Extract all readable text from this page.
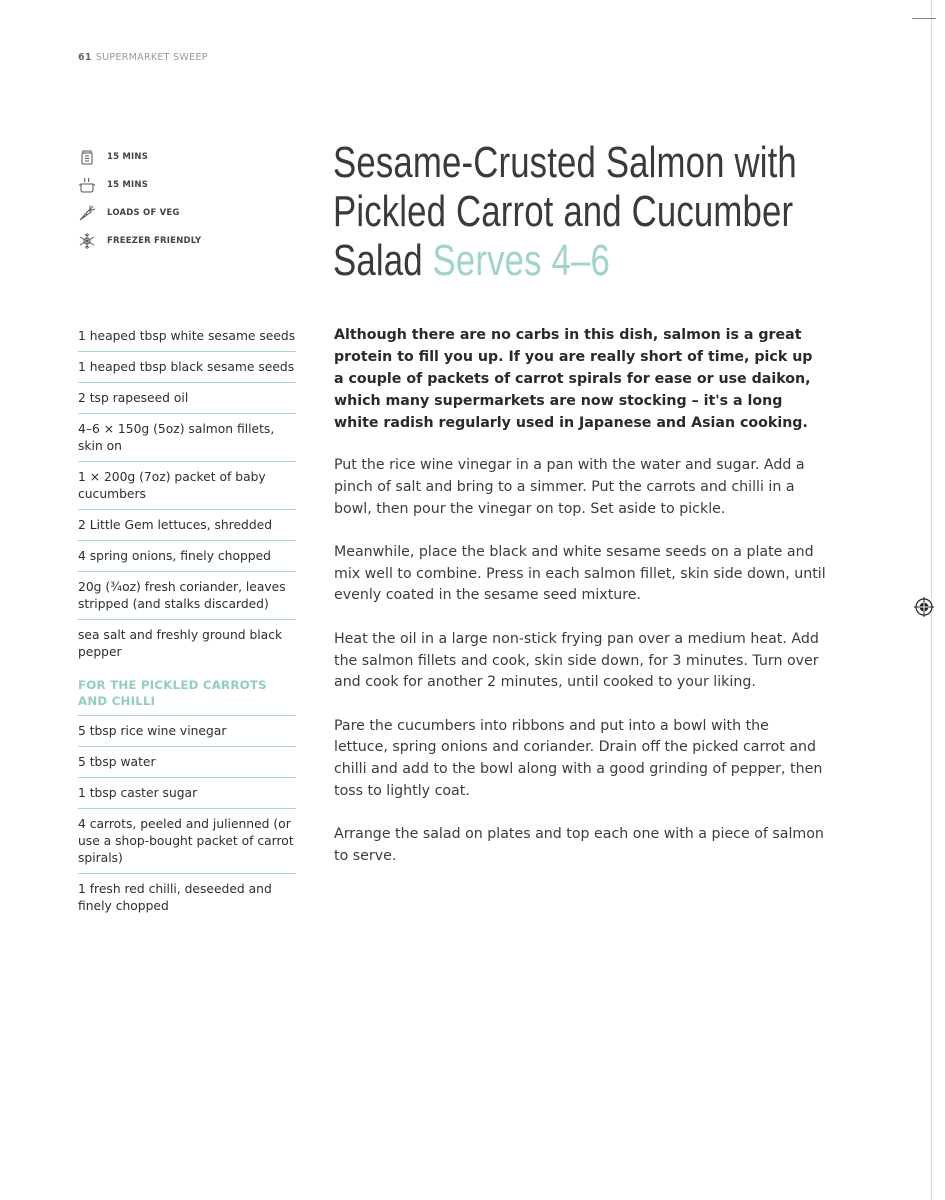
61 SUPERMARKET SWEEP
15 MINS
15 MINS
LOADS OF VEG
FREEZER FRIENDLY
1 heaped tbsp white sesame seeds
1 heaped tbsp black sesame seeds
2 tsp rapeseed oil
4–6 × 150g (5oz) salmon fillets, skin on
1 × 200g (7oz) packet of baby cucumbers
2 Little Gem lettuces, shredded
4 spring onions, finely chopped
20g (¾oz) fresh coriander, leaves stripped (and stalks discarded)
sea salt and freshly ground black pepper
FOR THE PICKLED CARROTS AND CHILLI
5 tbsp rice wine vinegar
5 tbsp water
1 tbsp caster sugar
4 carrots, peeled and julienned (or use a shop-bought packet of carrot spirals)
1 fresh red chilli, deseeded and finely chopped
Sesame-Crusted Salmon with
Pickled Carrot and Cucumber
Salad Serves 4–6
Although there are no carbs in this dish, salmon is a great protein to fill you up. If you are really short of time, pick up a couple of packets of carrot spirals for ease or use daikon, which many supermarkets are now stocking – it's a long white radish regularly used in Japanese and Asian cooking.

Put the rice wine vinegar in a pan with the water and sugar. Add a pinch of salt and bring to a simmer. Put the carrots and chilli in a bowl, then pour the vinegar on top. Set aside to pickle.

Meanwhile, place the black and white sesame seeds on a plate and mix well to combine. Press in each salmon fillet, skin side down, until evenly coated in the sesame seed mixture.

Heat the oil in a large non-stick frying pan over a medium heat. Add the salmon fillets and cook, skin side down, for 3 minutes. Turn over and cook for another 2 minutes, until cooked to your liking.

Pare the cucumbers into ribbons and put into a bowl with the lettuce, spring onions and coriander. Drain off the picked carrot and chilli and add to the bowl along with a good grinding of pepper, then toss to lightly coat.

Arrange the salad on plates and top each one with a piece of salmon to serve.
